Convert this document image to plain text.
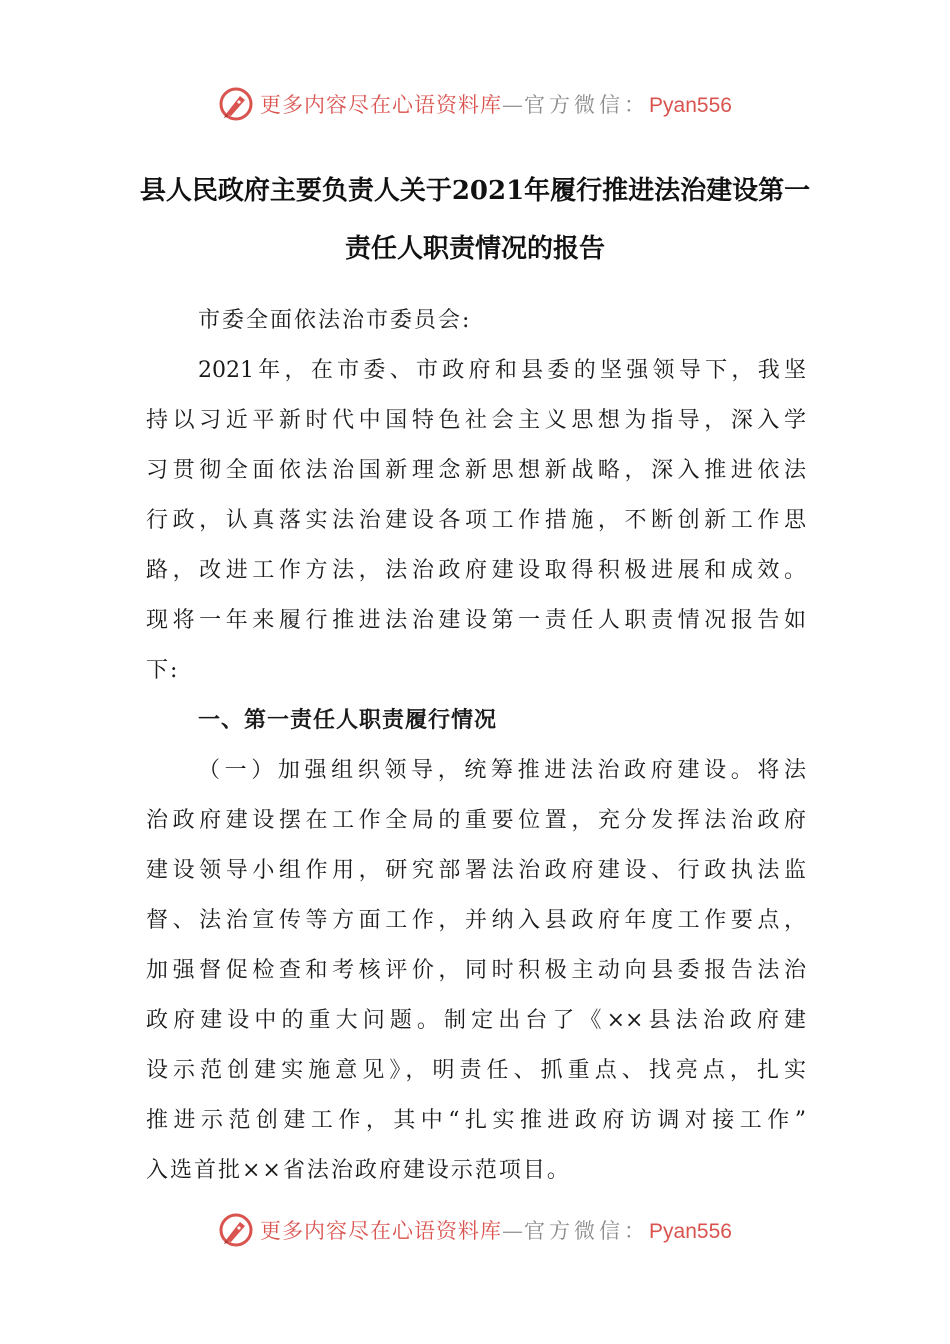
更多内容尽在心语资料库—官方微信：Pyan556
县人民政府主要负责人关于2021年履行推进法治建设第一
责任人职责情况的报告
市委全面依法治市委员会:
2021年，在市委、市政府和县委的坚强领导下，我坚
持以习近平新时代中国特色社会主义思想为指导，深入学
习贯彻全面依法治国新理念新思想新战略，深入推进依法
行政，认真落实法治建设各项工作措施，不断创新工作思
路，改进工作方法，法治政府建设取得积极进展和成效。
现将一年来履行推进法治建设第一责任人职责情况报告如
下:
一、第一责任人职责履行情况
（一）加强组织领导，统筹推进法治政府建设。将法
治政府建设摆在工作全局的重要位置，充分发挥法治政府
建设领导小组作用，研究部署法治政府建设、行政执法监
督、法治宣传等方面工作，并纳入县政府年度工作要点，
加强督促检查和考核评价，同时积极主动向县委报告法治
政府建设中的重大问题。制定出台了《××县法治政府建
设示范创建实施意见》，明责任、抓重点、找亮点，扎实
推进示范创建工作，其中“扎实推进政府访调对接工作”
入选首批××省法治政府建设示范项目。
更多内容尽在心语资料库—官方微信：Pyan556
